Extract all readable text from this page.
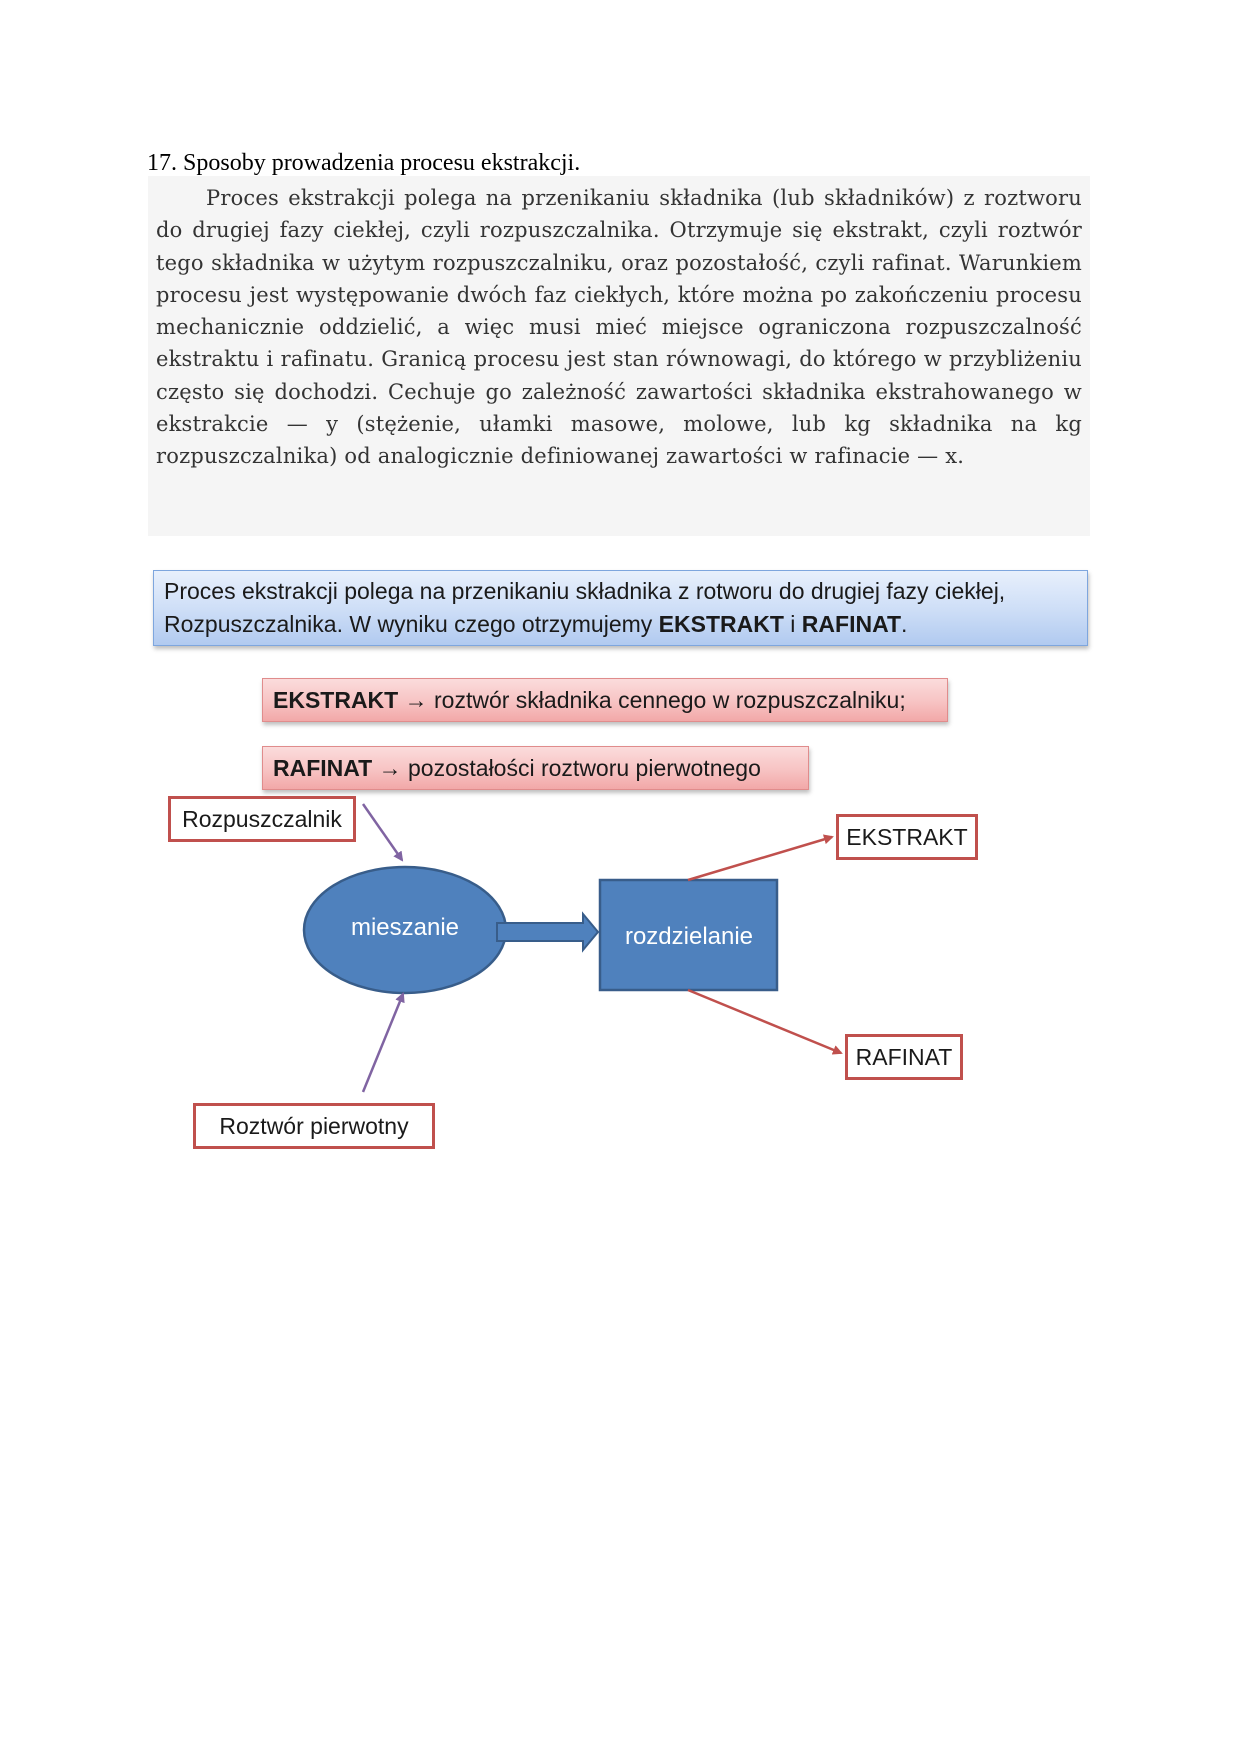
17. Sposoby prowadzenia procesu ekstrakcji.

Proces ekstrakcji polega na przenikaniu składnika (lub składników) z roztworu do drugiej fazy ciekłej, czyli rozpuszczalnika. Otrzymuje się ekstrakt, czyli roztwór tego składnika w użytym rozpuszczalniku, oraz pozostałość, czyli rafinat. Warunkiem procesu jest występowanie dwóch faz ciekłych, które można po zakończeniu procesu mechanicznie oddzielić, a więc musi mieć miejsce ograniczona rozpuszczalność ekstraktu i rafinatu. Granicą procesu jest stan równowagi, do którego w przybliżeniu często się dochodzi. Cechuje go zależność zawartości składnika ekstrahowanego w ekstrakcie — y (stężenie, ułamki masowe, molowe, lub kg składnika na kg rozpuszczalnika) od analogicznie definiowanej zawartości w rafinacie — x.

Proces ekstrakcji polega na przenikaniu składnika z rotworu do drugiej fazy ciekłej, Rozpuszczalnika. W wyniku czego otrzymujemy EKSTRAKT i RAFINAT.
EKSTRAKT → roztwór składnika cennego w rozpuszczalniku;
RAFINAT → pozostałości roztworu pierwotnego
Rozpuszczalnik
EKSTRAKT
RAFINAT
Roztwór pierwotny
mieszanie	rozdzielanie
